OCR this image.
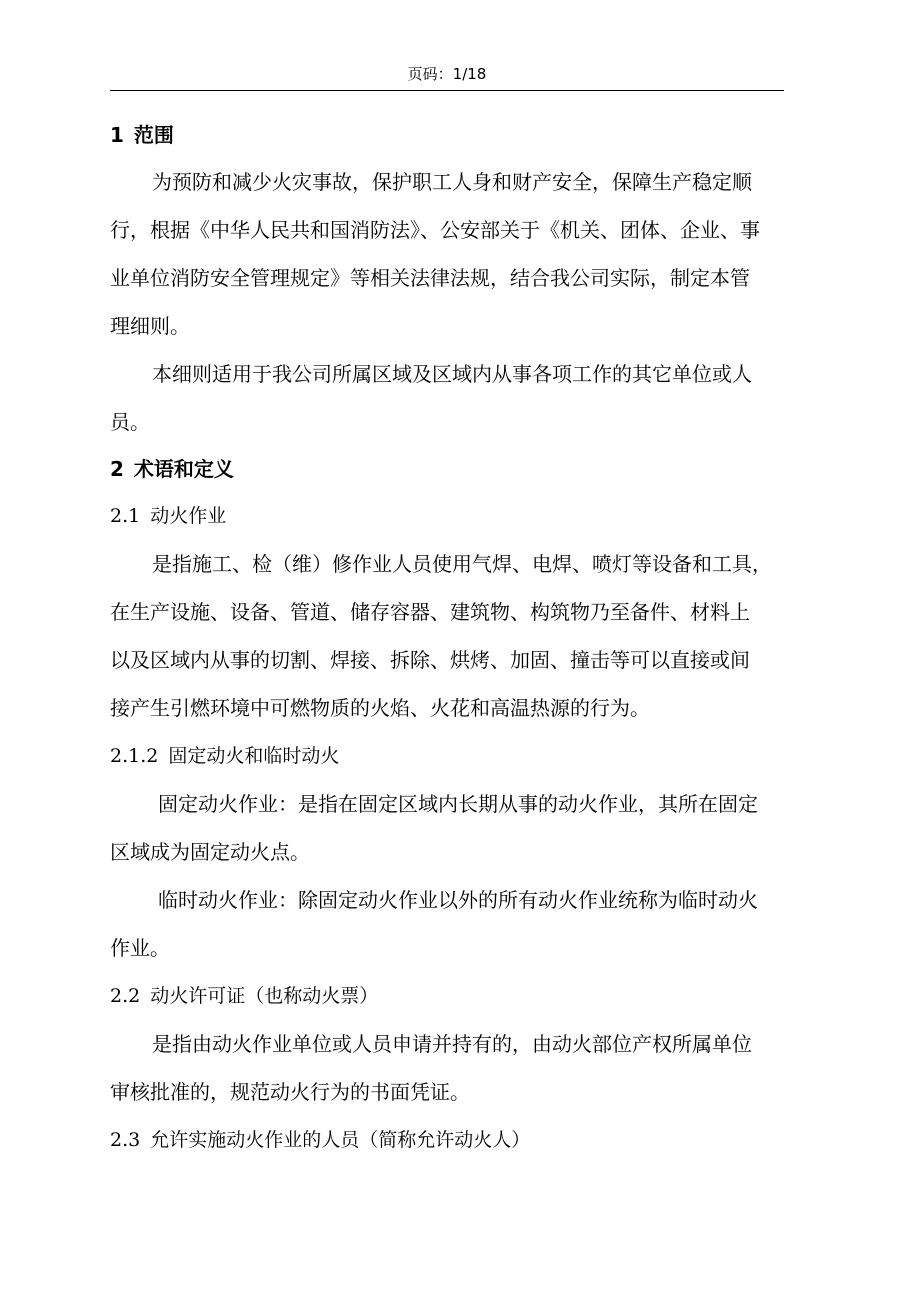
页码：1/18
1 范围
为预防和减少火灾事故，保护职工人身和财产安全，保障生产稳定顺
行，根据《中华人民共和国消防法》、公安部关于《机关、团体、企业、事
业单位消防安全管理规定》等相关法律法规，结合我公司实际，制定本管
理细则。
本细则适用于我公司所属区域及区域内从事各项工作的其它单位或人
员。
2 术语和定义
2.1 动火作业
是指施工、检（维）修作业人员使用气焊、电焊、喷灯等设备和工具，
在生产设施、设备、管道、储存容器、建筑物、构筑物乃至备件、材料上
以及区域内从事的切割、焊接、拆除、烘烤、加固、撞击等可以直接或间
接产生引燃环境中可燃物质的火焰、火花和高温热源的行为。
2.1.2 固定动火和临时动火
固定动火作业：是指在固定区域内长期从事的动火作业，其所在固定
区域成为固定动火点。
临时动火作业：除固定动火作业以外的所有动火作业统称为临时动火
作业。
2.2 动火许可证（也称动火票）
是指由动火作业单位或人员申请并持有的，由动火部位产权所属单位
审核批准的，规范动火行为的书面凭证。
2.3 允许实施动火作业的人员（简称允许动火人）
